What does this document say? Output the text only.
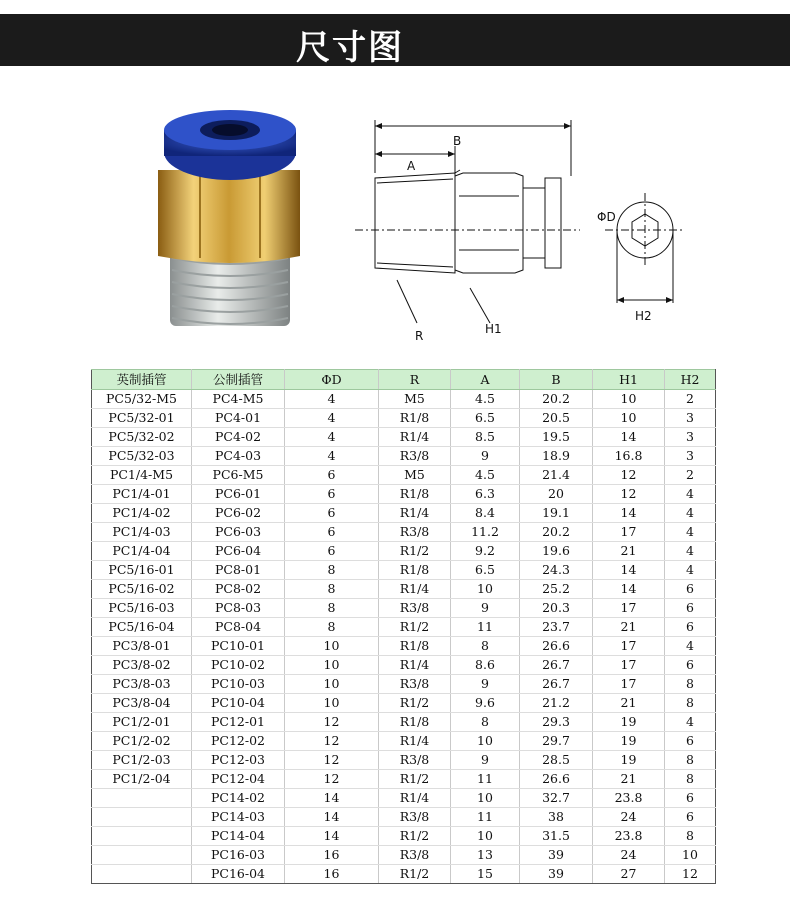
尺寸图
B
A
R	H1
ΦD
H2
英制插管	公制插管	ΦD	R	A	B	H1	H2
PC5/32-M5	PC4-M5	4	M5	4.5	20.2	10	2
PC5/32-01	PC4-01	4	R1/8	6.5	20.5	10	3
PC5/32-02	PC4-02	4	R1/4	8.5	19.5	14	3
PC5/32-03	PC4-03	4	R3/8	9	18.9	16.8	3
PC1/4-M5	PC6-M5	6	M5	4.5	21.4	12	2
PC1/4-01	PC6-01	6	R1/8	6.3	20	12	4
PC1/4-02	PC6-02	6	R1/4	8.4	19.1	14	4
PC1/4-03	PC6-03	6	R3/8	11.2	20.2	17	4
PC1/4-04	PC6-04	6	R1/2	9.2	19.6	21	4
PC5/16-01	PC8-01	8	R1/8	6.5	24.3	14	4
PC5/16-02	PC8-02	8	R1/4	10	25.2	14	6
PC5/16-03	PC8-03	8	R3/8	9	20.3	17	6
PC5/16-04	PC8-04	8	R1/2	11	23.7	21	6
PC3/8-01	PC10-01	10	R1/8	8	26.6	17	4
PC3/8-02	PC10-02	10	R1/4	8.6	26.7	17	6
PC3/8-03	PC10-03	10	R3/8	9	26.7	17	8
PC3/8-04	PC10-04	10	R1/2	9.6	21.2	21	8
PC1/2-01	PC12-01	12	R1/8	8	29.3	19	4
PC1/2-02	PC12-02	12	R1/4	10	29.7	19	6
PC1/2-03	PC12-03	12	R3/8	9	28.5	19	8
PC1/2-04	PC12-04	12	R1/2	11	26.6	21	8
	PC14-02	14	R1/4	10	32.7	23.8	6
	PC14-03	14	R3/8	11	38	24	6
	PC14-04	14	R1/2	10	31.5	23.8	8
	PC16-03	16	R3/8	13	39	24	10
	PC16-04	16	R1/2	15	39	27	12
